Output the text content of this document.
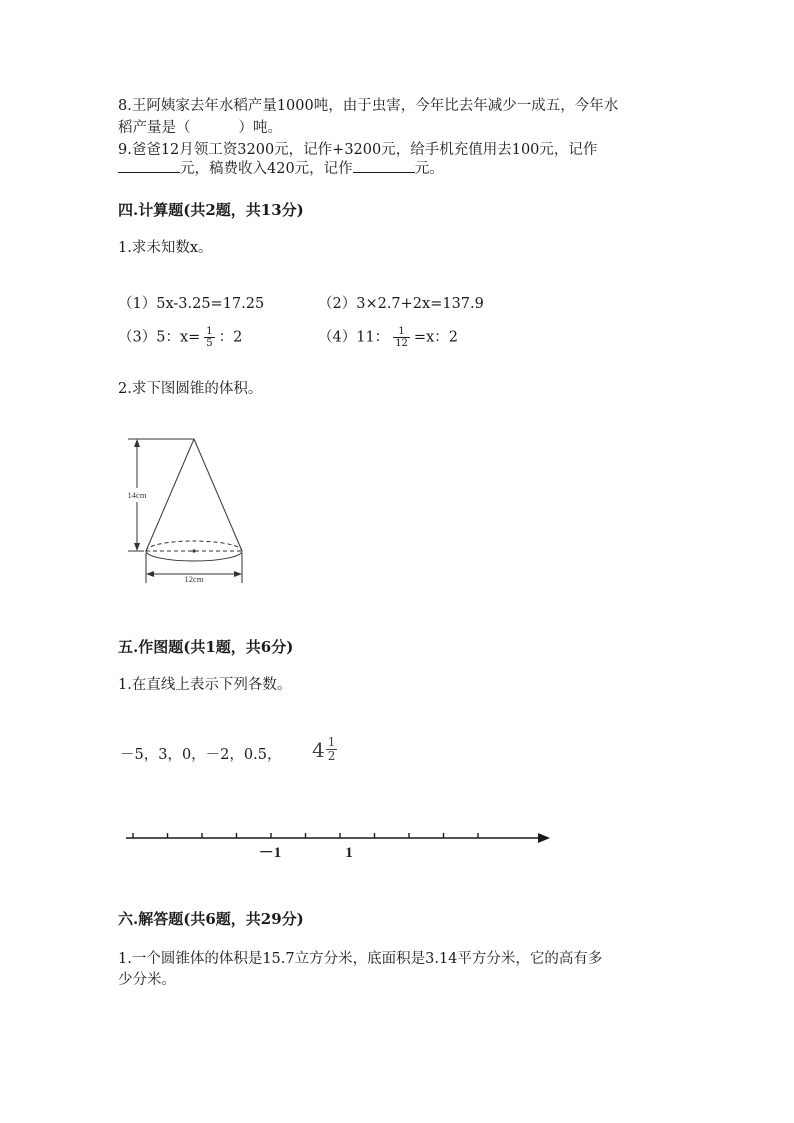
8.王阿姨家去年水稻产量1000吨，由于虫害，今年比去年减少一成五，今年水
稻产量是（	）吨。
9.爸爸12月领工资3200元，记作+3200元，给手机充值用去100元，记作
元，稿费收入420元，记作	元。
四.计算题(共2题，共13分)
1.求未知数x。
（1）5x-3.25=17.25	（2）3×2.7+2x=137.9
（3）5：$x= \frac{1}{5}$ ：2	（4）11： $\frac{1}{12} =x$：2
2.求下图圆锥的体积。
14cm
12cm
五.作图题(共1题，共6分)
1.在直线上表示下列各数。
－5，3，0，－2，0.5， $4 \frac{1}{2}$
－1	1
六.解答题(共6题，共29分)
1.一个圆锥体的体积是15.7立方分米，底面积是3.14平方分米，它的高有多
少分米。
